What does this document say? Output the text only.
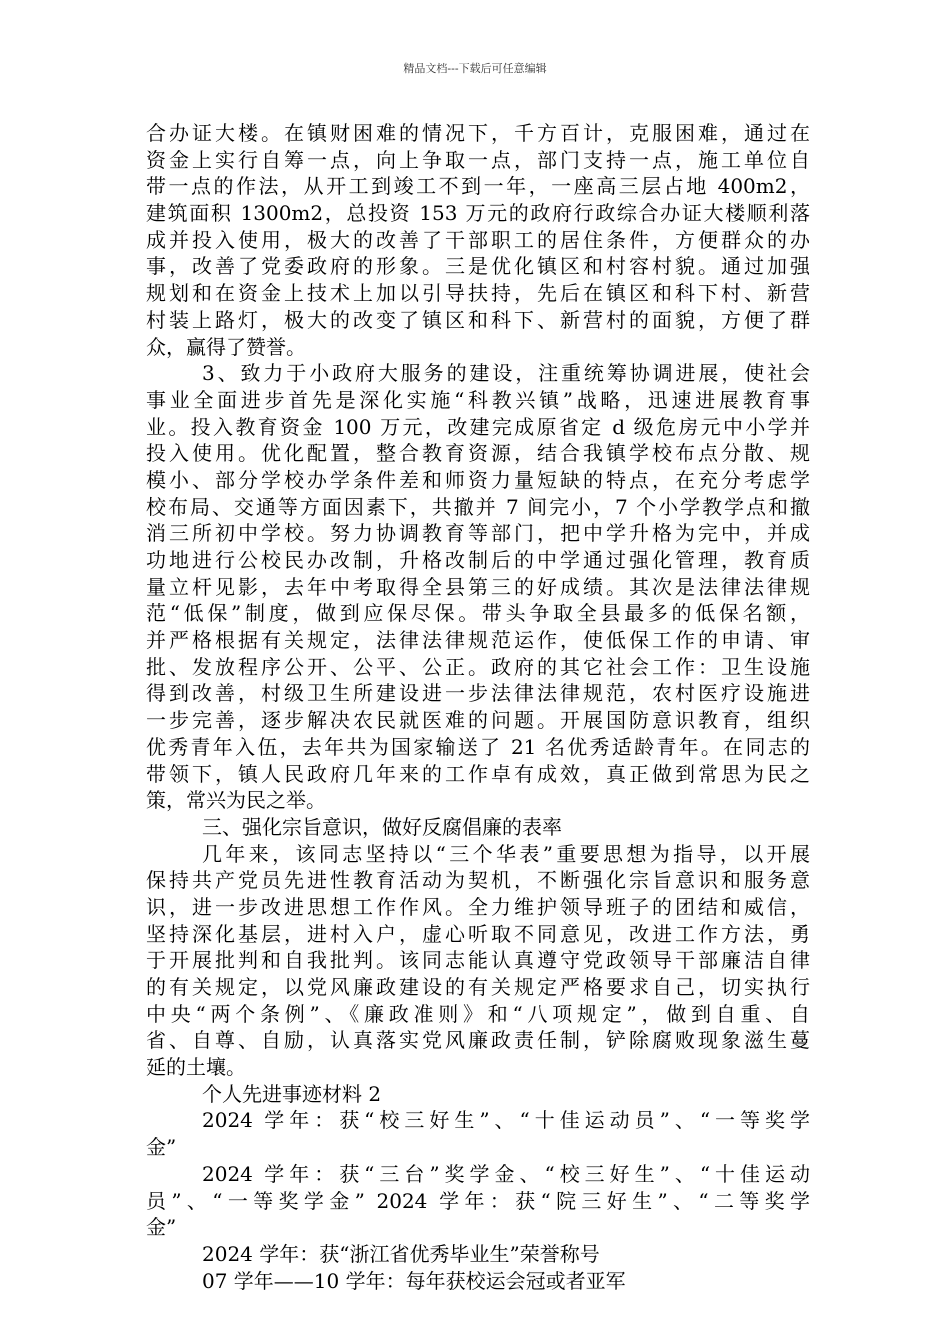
精品文档---下载后可任意编辑
合办证大楼。在镇财困难的情况下，千方百计，克服困难，通过在
资金上实行自筹一点，向上争取一点，部门支持一点，施工单位自
带一点的作法，从开工到竣工不到一年，一座高三层占地 400m2，
建筑面积 1300m2，总投资 153 万元的政府行政综合办证大楼顺利落
成并投入使用，极大的改善了干部职工的居住条件，方便群众的办
事，改善了党委政府的形象。三是优化镇区和村容村貌。通过加强
规划和在资金上技术上加以引导扶持，先后在镇区和科下村、新营
村装上路灯，极大的改变了镇区和科下、新营村的面貌，方便了群
众，赢得了赞誉。
3、致力于小政府大服务的建设，注重统筹协调进展，使社会
事业全面进步首先是深化实施“科教兴镇”战略，迅速进展教育事
业。投入教育资金 100 万元，改建完成原省定 d 级危房元中小学并
投入使用。优化配置，整合教育资源，结合我镇学校布点分散、规
模小、部分学校办学条件差和师资力量短缺的特点，在充分考虑学
校布局、交通等方面因素下，共撤并 7 间完小，7 个小学教学点和撤
消三所初中学校。努力协调教育等部门，把中学升格为完中，并成
功地进行公校民办改制，升格改制后的中学通过强化管理，教育质
量立杆见影，去年中考取得全县第三的好成绩。其次是法律法律规
范“低保”制度，做到应保尽保。带头争取全县最多的低保名额，
并严格根据有关规定，法律法律规范运作，使低保工作的申请、审
批、发放程序公开、公平、公正。政府的其它社会工作：卫生设施
得到改善，村级卫生所建设进一步法律法律规范，农村医疗设施进
一步完善，逐步解决农民就医难的问题。开展国防意识教育，组织
优秀青年入伍，去年共为国家输送了 21 名优秀适龄青年。在同志的
带领下，镇人民政府几年来的工作卓有成效，真正做到常思为民之
策，常兴为民之举。
三、强化宗旨意识，做好反腐倡廉的表率
几年来，该同志坚持以“三个华表”重要思想为指导，以开展
保持共产党员先进性教育活动为契机，不断强化宗旨意识和服务意
识，进一步改进思想工作作风。全力维护领导班子的团结和威信，
坚持深化基层，进村入户，虚心听取不同意见，改进工作方法，勇
于开展批判和自我批判。该同志能认真遵守党政领导干部廉洁自律
的有关规定，以党风廉政建设的有关规定严格要求自己，切实执行
中央“两个条例”、《廉政准则》和“八项规定”，做到自重、自
省、自尊、自励，认真落实党风廉政责任制，铲除腐败现象滋生蔓
延的土壤。
个人先进事迹材料 2
2024 学年：获“校三好生”、“十佳运动员”、“一等奖学
金”
2024 学年：获“三台”奖学金、“校三好生”、“十佳运动
员”、“一等奖学金” 2024 学年：获“院三好生”、“二等奖学
金”
2024 学年：获“浙江省优秀毕业生”荣誉称号
07 学年——10 学年：每年获校运会冠或者亚军
